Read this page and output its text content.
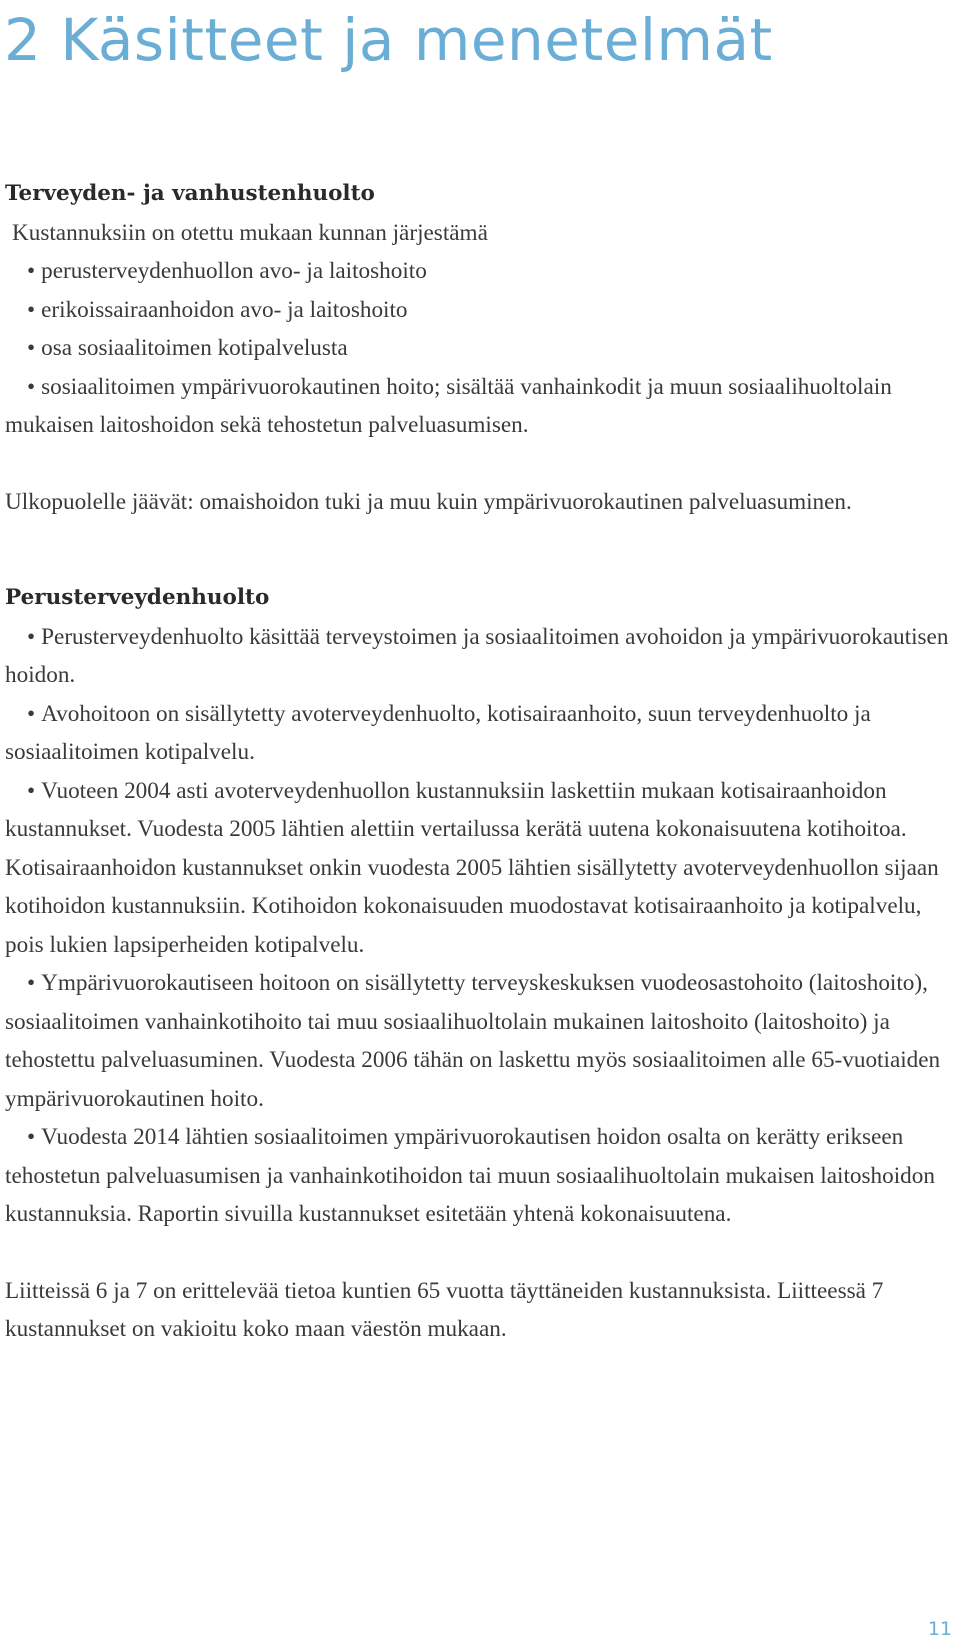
2 Käsitteet ja menetelmät
Terveyden- ja vanhustenhuolto

Kustannuksiin on otettu mukaan kunnan järjestämä

• perusterveydenhuollon avo- ja laitoshoito
• erikoissairaanhoidon avo- ja laitoshoito
• osa sosiaalitoimen kotipalvelusta
• sosiaalitoimen ympärivuorokautinen hoito; sisältää vanhainkodit ja muun sosiaalihuoltolain mukaisen laitoshoidon sekä tehostetun palveluasumisen.

Ulkopuolelle jäävät: omaishoidon tuki ja muu kuin ympärivuorokautinen palveluasuminen.

Perusterveydenhuolto
• Perusterveydenhuolto käsittää terveystoimen ja sosiaalitoimen avohoidon ja ympärivuorokautisen hoidon.
• Avohoitoon on sisällytetty avoterveydenhuolto, kotisairaanhoito, suun terveydenhuolto ja sosiaalitoimen kotipalvelu.
• Vuoteen 2004 asti avoterveydenhuollon kustannuksiin laskettiin mukaan kotisairaanhoidon kustannukset. Vuodesta 2005 lähtien alettiin vertailussa kerätä uutena kokonaisuutena kotihoitoa. Kotisairaanhoidon kustannukset onkin vuodesta 2005 lähtien sisällytetty avoterveydenhuollon sijaan kotihoidon kustannuksiin. Kotihoidon kokonaisuuden muodostavat kotisairaanhoito ja kotipalvelu, pois lukien lapsiperheiden kotipalvelu.
• Ympärivuorokautiseen hoitoon on sisällytetty terveyskeskuksen vuodeosastohoito (laitoshoito), sosiaalitoimen vanhainkotihoito tai muu sosiaalihuoltolain mukainen laitoshoito (laitoshoito) ja tehostettu palveluasuminen. Vuodesta 2006 tähän on laskettu myös sosiaalitoimen alle 65-vuotiaiden ympärivuorokautinen hoito.
• Vuodesta 2014 lähtien sosiaalitoimen ympärivuorokautisen hoidon osalta on kerätty erikseen tehostetun palveluasumisen ja vanhainkotihoidon tai muun sosiaalihuoltolain mukaisen laitoshoidon kustannuksia. Raportin sivuilla kustannukset esitetään yhtenä kokonaisuutena.

Liitteissä 6 ja 7 on erittelevää tietoa kuntien 65 vuotta täyttäneiden kustannuksista. Liitteessä 7 kustannukset on vakioitu koko maan väestön mukaan.

11
